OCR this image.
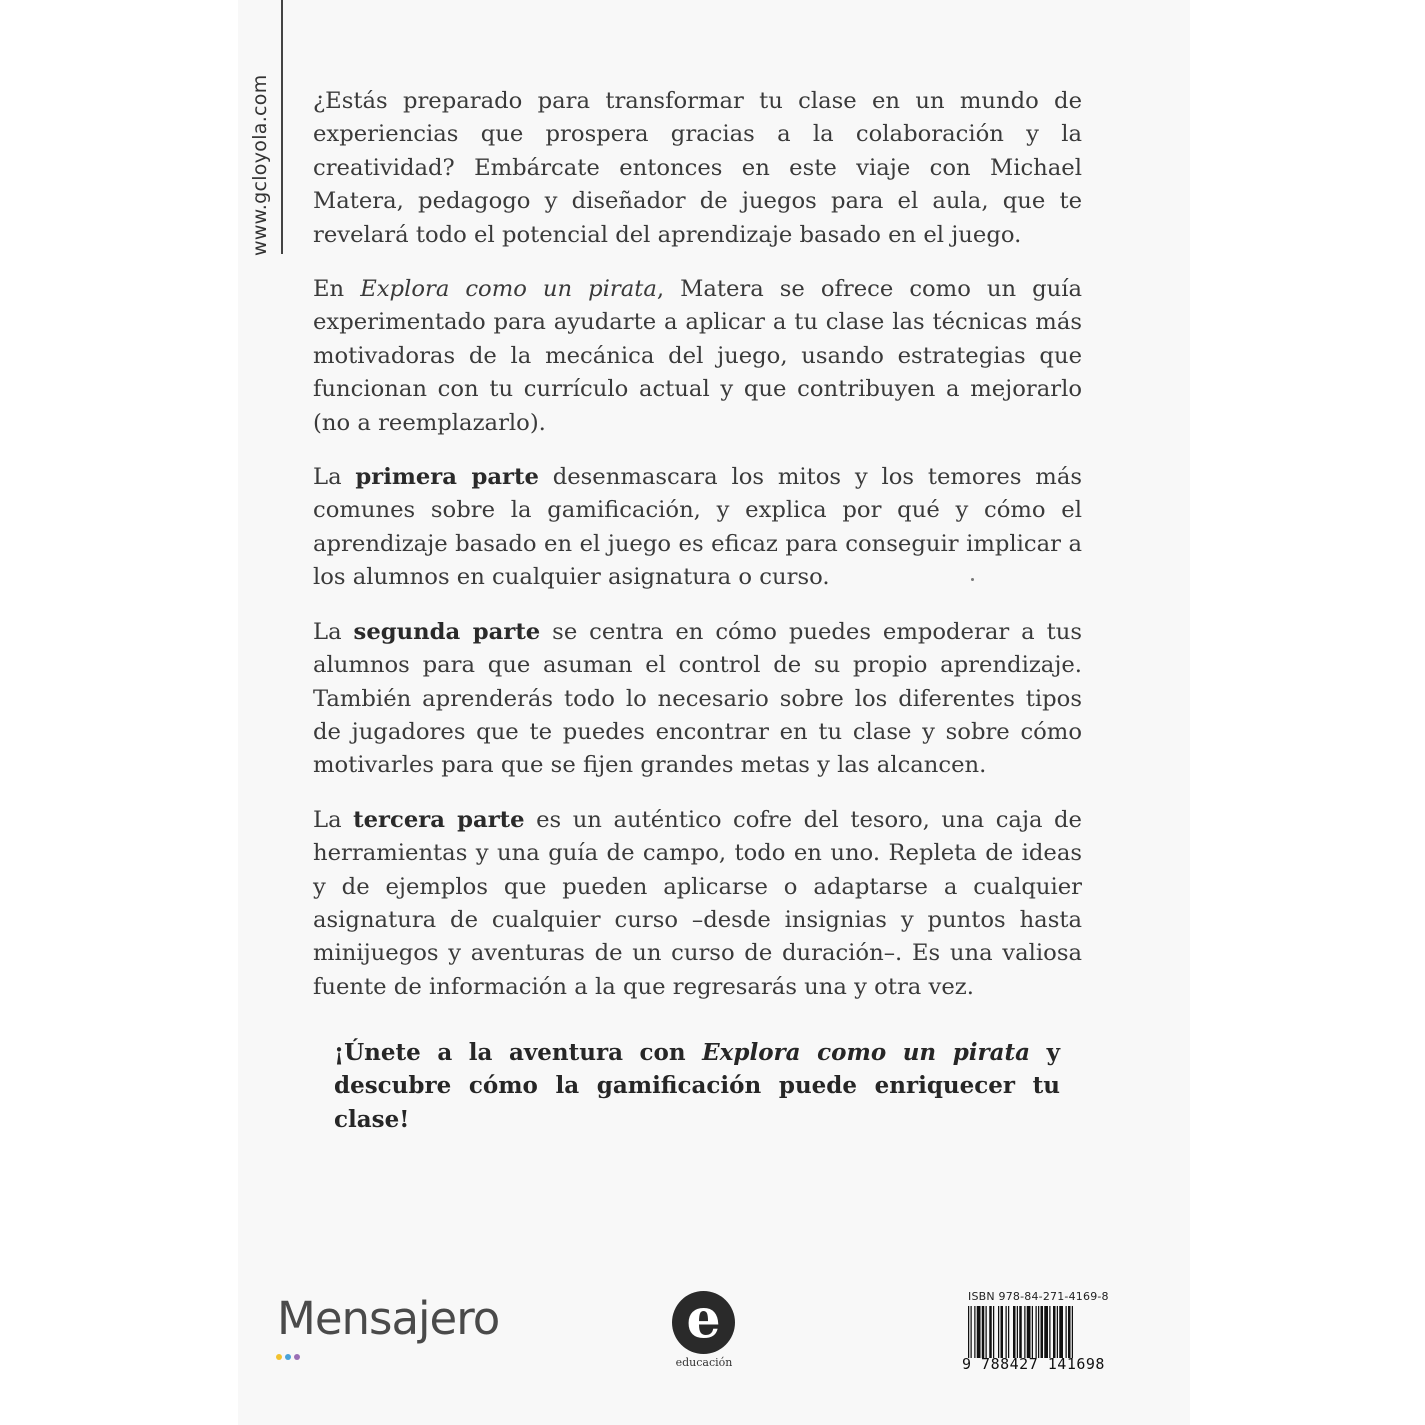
www.gcloyola.com ¿Estás preparado para transformar tu clase en un mundo de experiencias que prospera gracias a la colaboración y la creatividad? Embárcate entonces en este viaje con Michael Matera, pedagogo y diseñador de juegos para el aula, que te revelará todo el potencial del aprendizaje basado en el juego.

En Explora como un pirata, Matera se ofrece como un guía experimentado para ayudarte a aplicar a tu clase las técnicas más motivadoras de la mecánica del juego, usando estrategias que funcionan con tu currículo actual y que contribuyen a mejorarlo (no a reemplazarlo).

La primera parte desenmascara los mitos y los temores más comunes sobre la gamificación, y explica por qué y cómo el aprendizaje basado en el juego es eficaz para conseguir implicar a los alumnos en cualquier asignatura o curso.

La segunda parte se centra en cómo puedes empoderar a tus alumnos para que asuman el control de su propio aprendizaje. También aprenderás todo lo necesario sobre los diferentes tipos de jugadores que te puedes encontrar en tu clase y sobre cómo motivarles para que se fijen grandes metas y las alcancen.

La tercera parte es un auténtico cofre del tesoro, una caja de herramientas y una guía de campo, todo en uno. Repleta de ideas y de ejemplos que pueden aplicarse o adaptarse a cualquier asignatura de cualquier curso –desde insignias y puntos hasta minijuegos y aventuras de un curso de duración–. Es una valiosa fuente de información a la que regresarás una y otra vez.

¡Únete a la aventura con Explora como un pirata y descubre cómo la gamificación puede enriquecer tu clase!
Mensajero	e
educación
ISBN 978-84-271-4169-8
9 788427 141698
